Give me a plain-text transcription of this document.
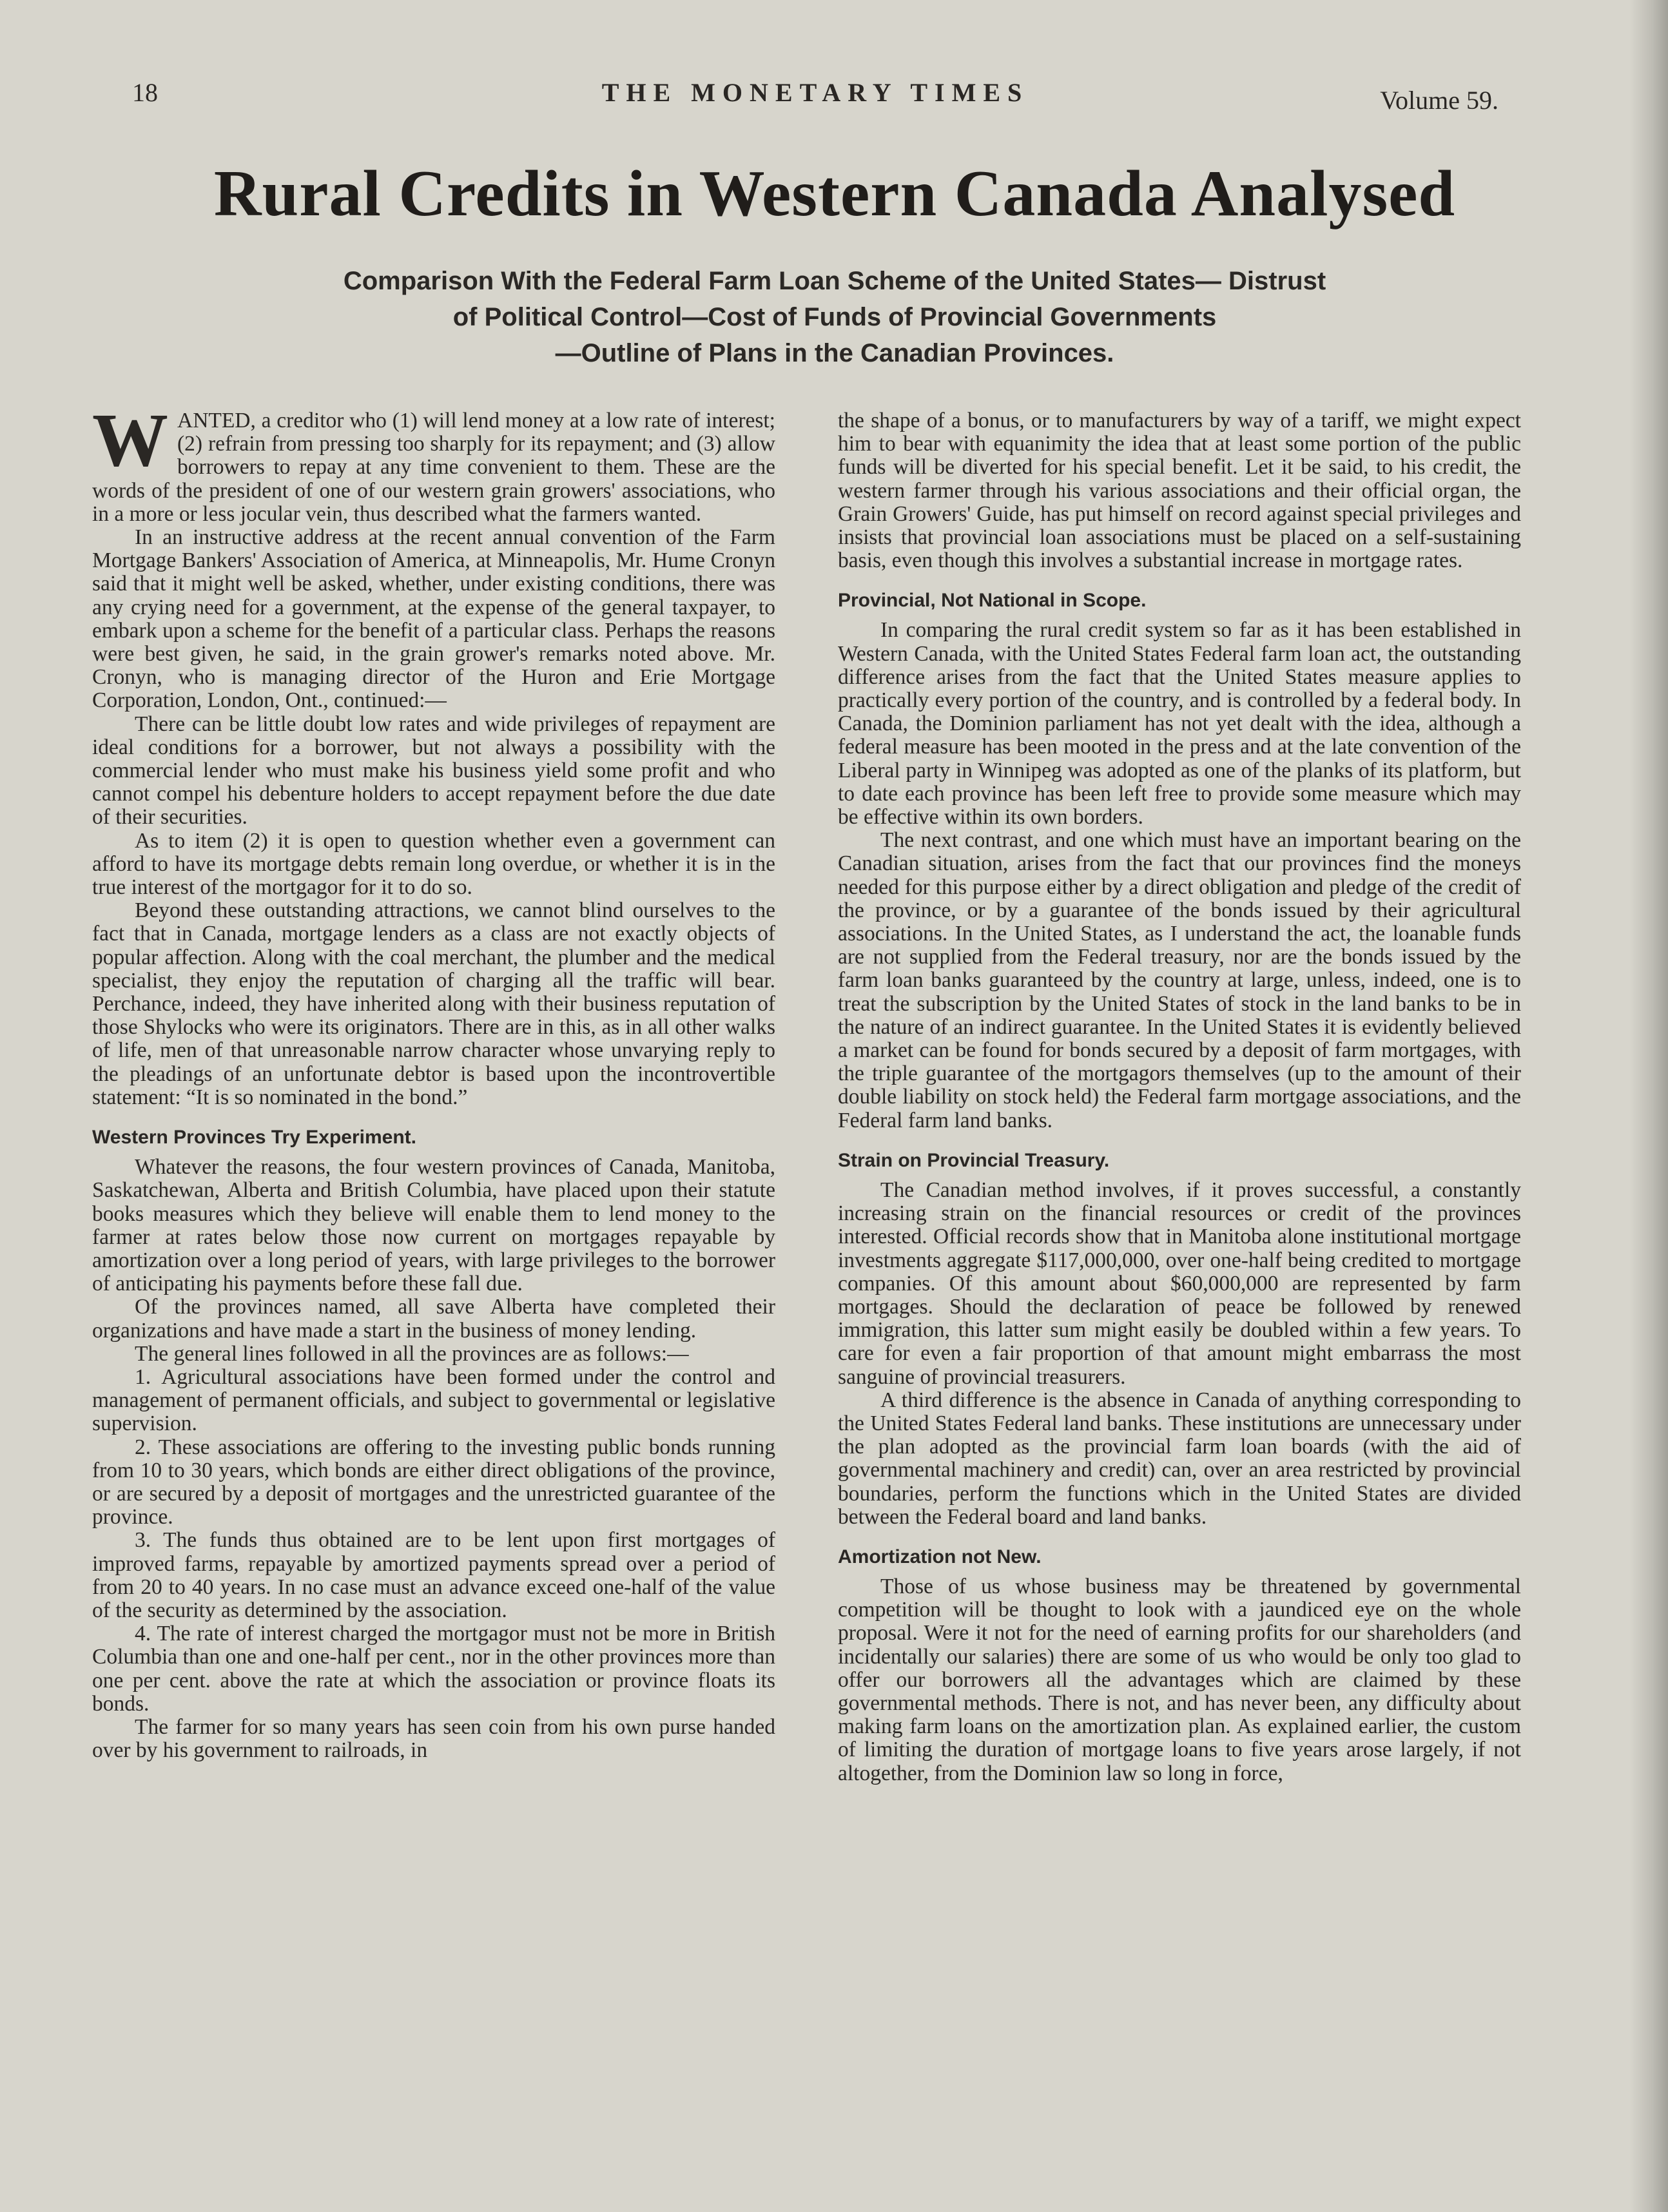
18	THE MONETARY TIMES	Volume 59.
Rural Credits in Western Canada Analysed
Comparison With the Federal Farm Loan Scheme of the United States— Distrust
of Political Control—Cost of Funds of Provincial Governments
—Outline of Plans in the Canadian Provinces.

WANTED, a creditor who (1) will lend money at a low rate of interest; (2) refrain from pressing too sharply for its repayment; and (3) allow borrowers to repay at any time convenient to them. These are the words of the president of one of our western grain growers' associations, who in a more or less jocular vein, thus described what the farmers wanted.

In an instructive address at the recent annual convention of the Farm Mortgage Bankers' Association of America, at Minneapolis, Mr. Hume Cronyn said that it might well be asked, whether, under existing conditions, there was any crying need for a government, at the expense of the general taxpayer, to embark upon a scheme for the benefit of a particular class. Perhaps the reasons were best given, he said, in the grain grower's remarks noted above. Mr. Cronyn, who is managing director of the Huron and Erie Mortgage Corporation, London, Ont., continued:—

There can be little doubt low rates and wide privileges of repayment are ideal conditions for a borrower, but not always a possibility with the commercial lender who must make his business yield some profit and who cannot compel his debenture holders to accept repayment before the due date of their securities.

As to item (2) it is open to question whether even a government can afford to have its mortgage debts remain long overdue, or whether it is in the true interest of the mortgagor for it to do so.

Beyond these outstanding attractions, we cannot blind ourselves to the fact that in Canada, mortgage lenders as a class are not exactly objects of popular affection. Along with the coal merchant, the plumber and the medical specialist, they enjoy the reputation of charging all the traffic will bear. Perchance, indeed, they have inherited along with their business reputation of those Shylocks who were its originators. There are in this, as in all other walks of life, men of that unreasonable narrow character whose unvarying reply to the pleadings of an unfortunate debtor is based upon the incontrovertible statement: “It is so nominated in the bond.”

Western Provinces Try Experiment.

Whatever the reasons, the four western provinces of Canada, Manitoba, Saskatchewan, Alberta and British Columbia, have placed upon their statute books measures which they believe will enable them to lend money to the farmer at rates below those now current on mortgages repayable by amortization over a long period of years, with large privileges to the borrower of anticipating his payments before these fall due.

Of the provinces named, all save Alberta have completed their organizations and have made a start in the business of money lending.

The general lines followed in all the provinces are as follows:—

1. Agricultural associations have been formed under the control and management of permanent officials, and subject to governmental or legislative supervision.

2. These associations are offering to the investing public bonds running from 10 to 30 years, which bonds are either direct obligations of the province, or are secured by a deposit of mortgages and the unrestricted guarantee of the province.

3. The funds thus obtained are to be lent upon first mortgages of improved farms, repayable by amortized payments spread over a period of from 20 to 40 years. In no case must an advance exceed one-half of the value of the security as determined by the association.

4. The rate of interest charged the mortgagor must not be more in British Columbia than one and one-half per cent., nor in the other provinces more than one per cent. above the rate at which the association or province floats its bonds.

The farmer for so many years has seen coin from his own purse handed over by his government to railroads, in

the shape of a bonus, or to manufacturers by way of a tariff, we might expect him to bear with equanimity the idea that at least some portion of the public funds will be diverted for his special benefit. Let it be said, to his credit, the western farmer through his various associations and their official organ, the Grain Growers' Guide, has put himself on record against special privileges and insists that provincial loan associations must be placed on a self-sustaining basis, even though this involves a substantial increase in mortgage rates.

Provincial, Not National in Scope.

In comparing the rural credit system so far as it has been established in Western Canada, with the United States Federal farm loan act, the outstanding difference arises from the fact that the United States measure applies to practically every portion of the country, and is controlled by a federal body. In Canada, the Dominion parliament has not yet dealt with the idea, although a federal measure has been mooted in the press and at the late convention of the Liberal party in Winnipeg was adopted as one of the planks of its platform, but to date each province has been left free to provide some measure which may be effective within its own borders.

The next contrast, and one which must have an important bearing on the Canadian situation, arises from the fact that our provinces find the moneys needed for this purpose either by a direct obligation and pledge of the credit of the province, or by a guarantee of the bonds issued by their agricultural associations. In the United States, as I understand the act, the loanable funds are not supplied from the Federal treasury, nor are the bonds issued by the farm loan banks guaranteed by the country at large, unless, indeed, one is to treat the subscription by the United States of stock in the land banks to be in the nature of an indirect guarantee. In the United States it is evidently believed a market can be found for bonds secured by a deposit of farm mortgages, with the triple guarantee of the mortgagors themselves (up to the amount of their double liability on stock held) the Federal farm mortgage associations, and the Federal farm land banks.

Strain on Provincial Treasury.

The Canadian method involves, if it proves successful, a constantly increasing strain on the financial resources or credit of the provinces interested. Official records show that in Manitoba alone institutional mortgage investments aggregate $117,000,000, over one-half being credited to mortgage companies. Of this amount about $60,000,000 are represented by farm mortgages. Should the declaration of peace be followed by renewed immigration, this latter sum might easily be doubled within a few years. To care for even a fair proportion of that amount might embarrass the most sanguine of provincial treasurers.

A third difference is the absence in Canada of anything corresponding to the United States Federal land banks. These institutions are unnecessary under the plan adopted as the provincial farm loan boards (with the aid of governmental machinery and credit) can, over an area restricted by provincial boundaries, perform the functions which in the United States are divided between the Federal board and land banks.

Amortization not New.

Those of us whose business may be threatened by governmental competition will be thought to look with a jaundiced eye on the whole proposal. Were it not for the need of earning profits for our shareholders (and incidentally our salaries) there are some of us who would be only too glad to offer our borrowers all the advantages which are claimed by these governmental methods. There is not, and has never been, any difficulty about making farm loans on the amortization plan. As explained earlier, the custom of limiting the duration of mortgage loans to five years arose largely, if not altogether, from the Dominion law so long in force,
